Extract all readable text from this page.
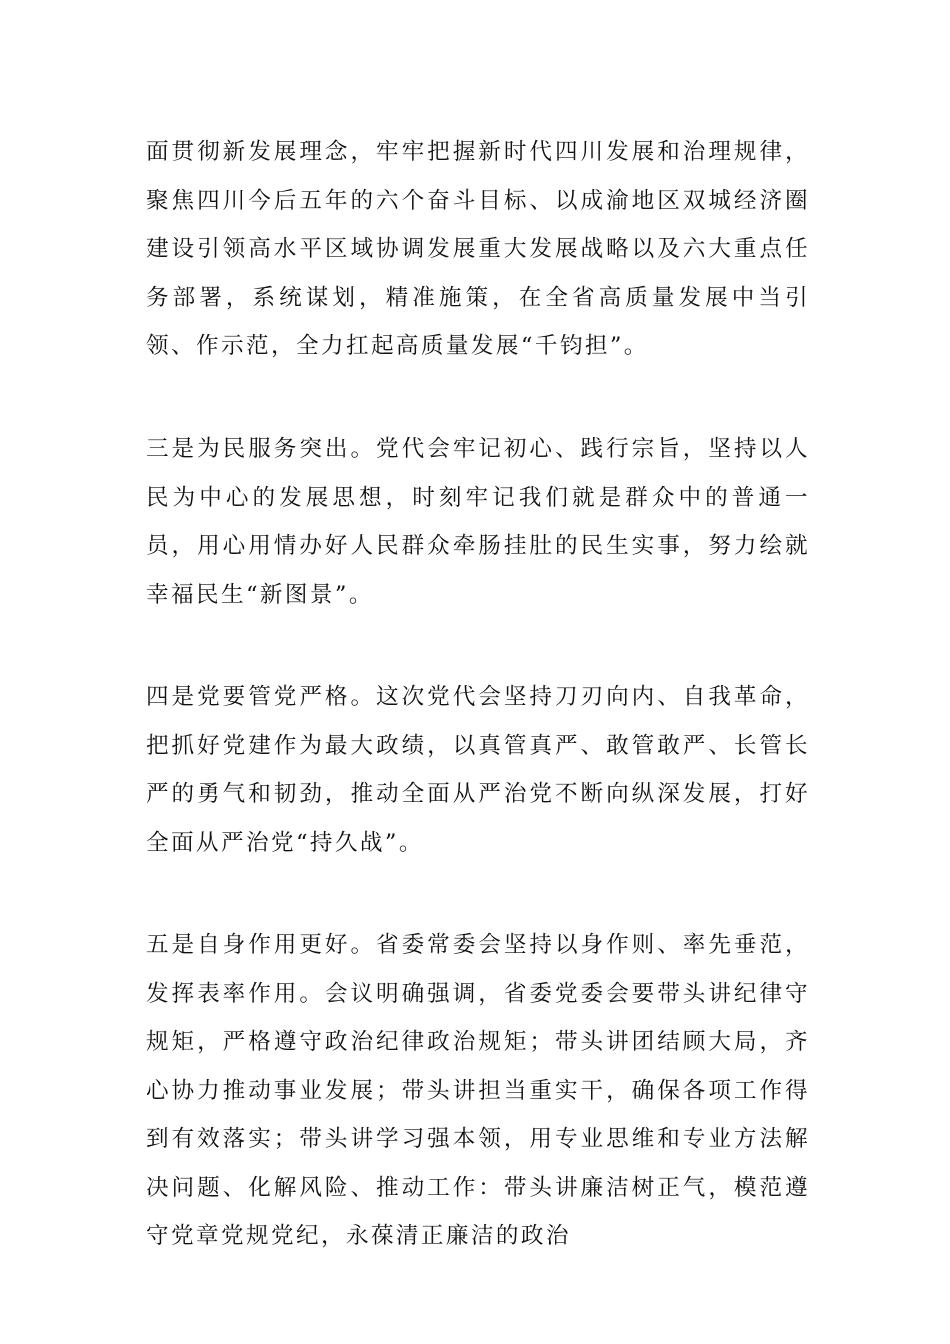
面贯彻新发展理念，牢牢把握新时代四川发展和治理规律，聚焦四川今后五年的六个奋斗目标、以成渝地区双城经济圈建设引领高水平区域协调发展重大发展战略以及六大重点任务部署，系统谋划，精准施策，在全省高质量发展中当引领、作示范，全力扛起高质量发展“千钧担”。

三是为民服务突出。党代会牢记初心、践行宗旨，坚持以人民为中心的发展思想，时刻牢记我们就是群众中的普通一员，用心用情办好人民群众牵肠挂肚的民生实事，努力绘就幸福民生“新图景”。

四是党要管党严格。这次党代会坚持刀刃向内、自我革命，把抓好党建作为最大政绩，以真管真严、敢管敢严、长管长严的勇气和韧劲，推动全面从严治党不断向纵深发展，打好全面从严治党“持久战”。

五是自身作用更好。省委常委会坚持以身作则、率先垂范，发挥表率作用。会议明确强调，省委党委会要带头讲纪律守规矩，严格遵守政治纪律政治规矩；带头讲团结顾大局，齐心协力推动事业发展；带头讲担当重实干，确保各项工作得到有效落实；带头讲学习强本领，用专业思维和专业方法解决问题、化解风险、推动工作：带头讲廉洁树正气，模范遵守党章党规党纪，永葆清正廉洁的政治
